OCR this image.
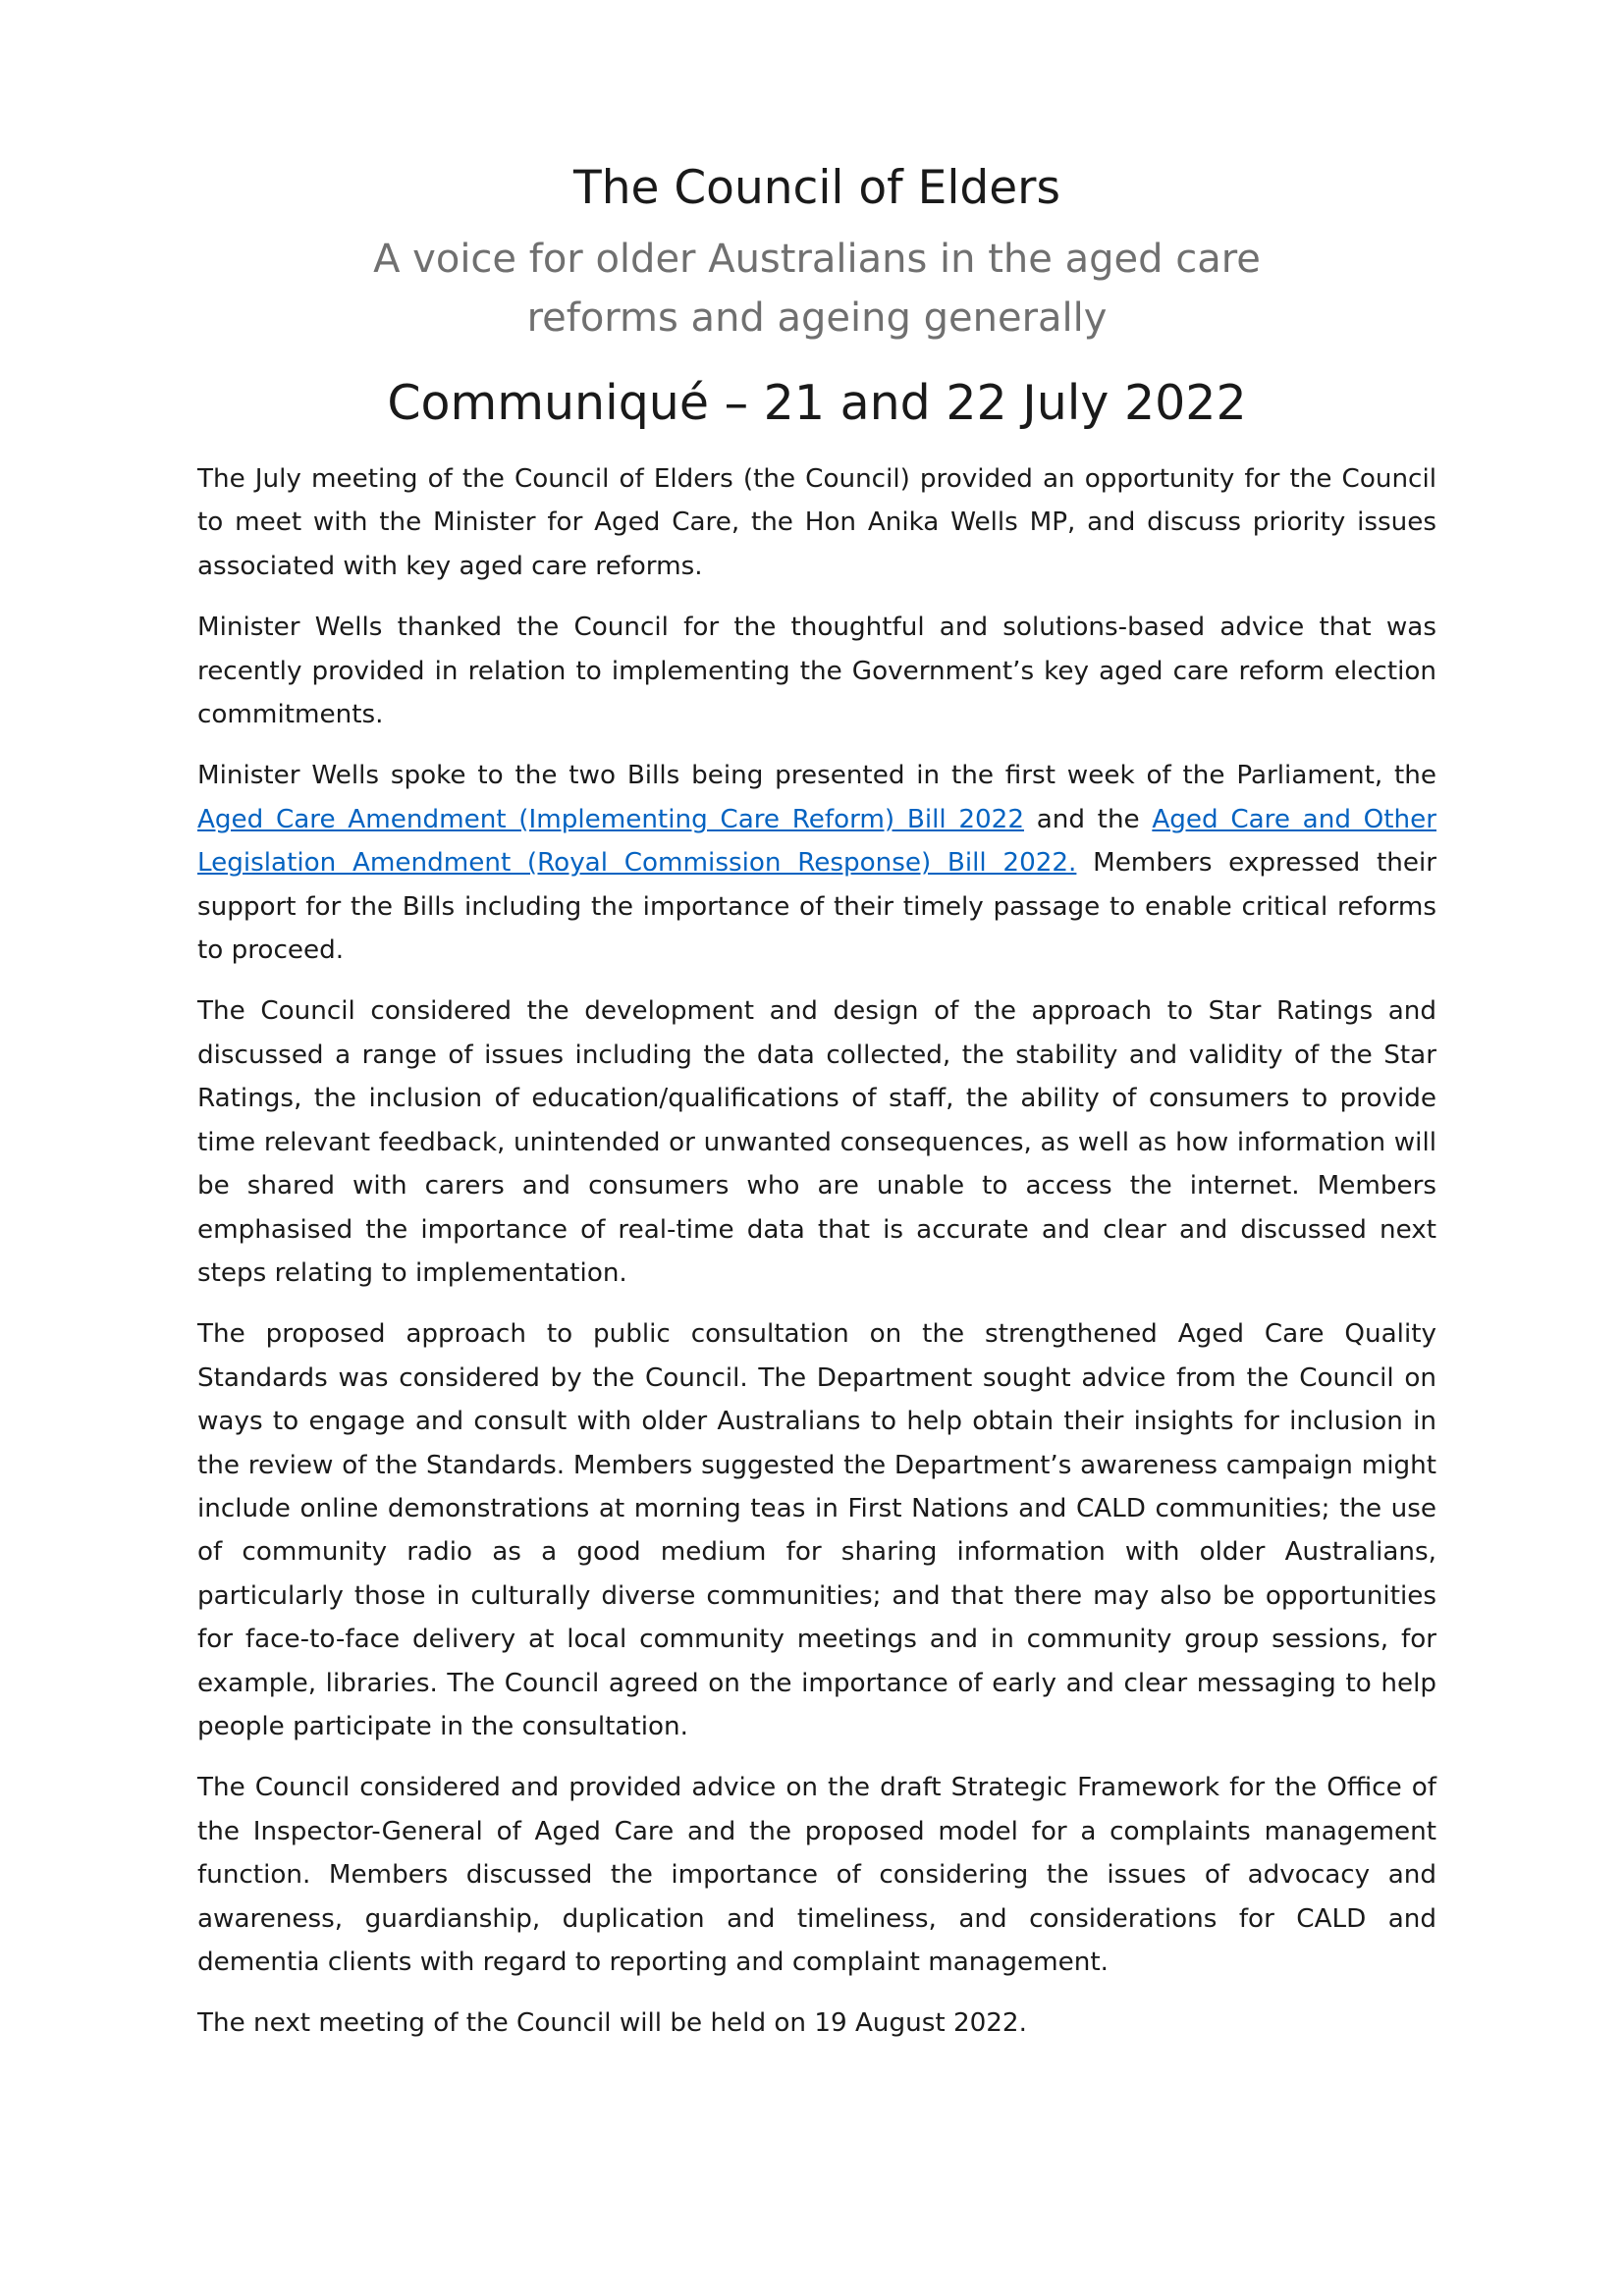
The Council of Elders
A voice for older Australians in the aged care
reforms and ageing generally
Communiqué – 21 and 22 July 2022

The July meeting of the Council of Elders (the Council) provided an opportunity for the Council to meet with the Minister for Aged Care, the Hon Anika Wells MP, and discuss priority issues associated with key aged care reforms.

Minister Wells thanked the Council for the thoughtful and solutions-based advice that was recently provided in relation to implementing the Government’s key aged care reform election commitments.

Minister Wells spoke to the two Bills being presented in the first week of the Parliament, the Aged Care Amendment (Implementing Care Reform) Bill 2022 and the Aged Care and Other Legislation Amendment (Royal Commission Response) Bill 2022. Members expressed their support for the Bills including the importance of their timely passage to enable critical reforms to proceed.

The Council considered the development and design of the approach to Star Ratings and discussed a range of issues including the data collected, the stability and validity of the Star Ratings, the inclusion of education/qualifications of staff, the ability of consumers to provide time relevant feedback, unintended or unwanted consequences, as well as how information will be shared with carers and consumers who are unable to access the internet. Members emphasised the importance of real-time data that is accurate and clear and discussed next steps relating to implementation.

The proposed approach to public consultation on the strengthened Aged Care Quality Standards was considered by the Council. The Department sought advice from the Council on ways to engage and consult with older Australians to help obtain their insights for inclusion in the review of the Standards. Members suggested the Department’s awareness campaign might include online demonstrations at morning teas in First Nations and CALD communities; the use of community radio as a good medium for sharing information with older Australians, particularly those in culturally diverse communities; and that there may also be opportunities for face-to-face delivery at local community meetings and in community group sessions, for example, libraries. The Council agreed on the importance of early and clear messaging to help people participate in the consultation.

The Council considered and provided advice on the draft Strategic Framework for the Office of the Inspector-General of Aged Care and the proposed model for a complaints management function. Members discussed the importance of considering the issues of advocacy and awareness, guardianship, duplication and timeliness, and considerations for CALD and dementia clients with regard to reporting and complaint management.

The next meeting of the Council will be held on 19 August 2022.
